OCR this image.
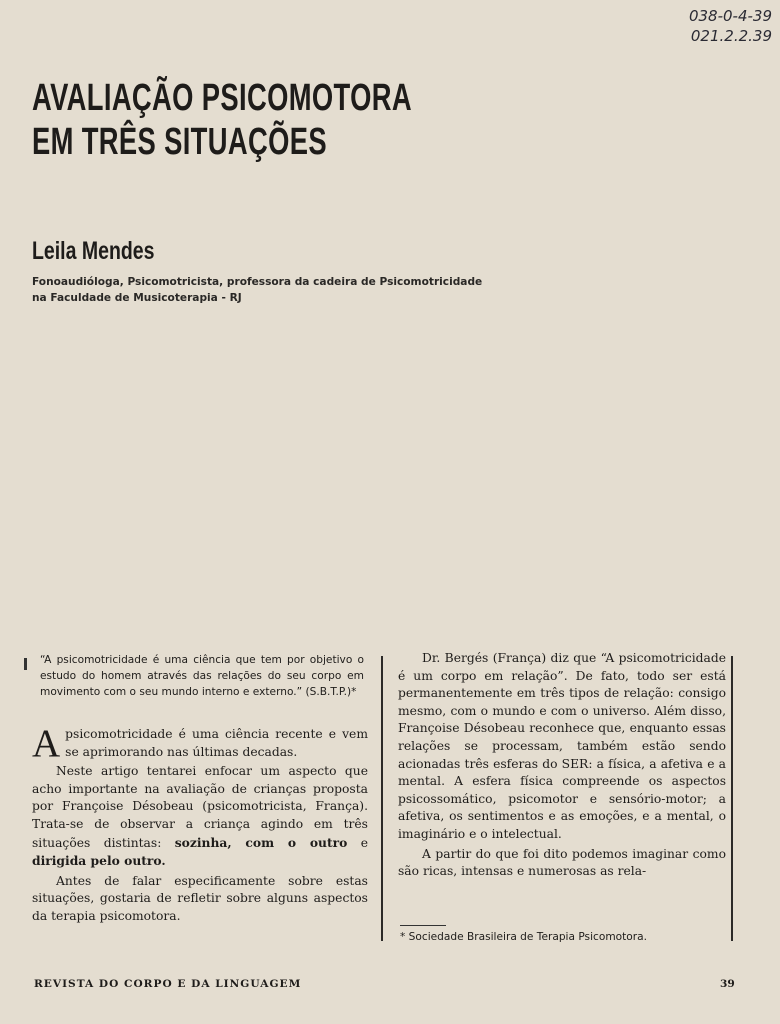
038-0-4-39
021.2.2.39
AVALIAÇÃO PSICOMOTORA
EM TRÊS SITUAÇÕES
Leila Mendes
Fonoaudióloga, Psicomotricista, professora da cadeira de Psicomotricidade
na Faculdade de Musicoterapia - RJ

“A psicomotricidade é uma ciência que tem por objetivo o estudo do homem através das relações do seu corpo em movimento com o seu mundo interno e externo.” (S.B.T.P.)*

A psicomotricidade é uma ciência recente e vem se aprimorando nas últimas decadas.

Neste artigo tentarei enfocar um aspecto que acho importante na avaliação de crianças proposta por Françoise Désobeau (psicomotricista, França). Trata-se de observar a criança agindo em três situações distintas: sozinha, com o outro e dirigida pelo outro.

Antes de falar especificamente sobre estas situações, gostaria de refletir sobre alguns aspectos da terapia psicomotora.

Dr. Bergés (França) diz que “A psicomotricidade é um corpo em relação”. De fato, todo ser está permanentemente em três tipos de relação: consigo mesmo, com o mundo e com o universo. Além disso, Françoise Désobeau reconhece que, enquanto essas relações se processam, também estão sendo acionadas três esferas do SER: a física, a afetiva e a mental. A esfera física compreende os aspectos psicossomático, psicomotor e sensório-motor; a afetiva, os sentimentos e as emoções, e a mental, o imaginário e o intelectual.

A partir do que foi dito podemos imaginar como são ricas, intensas e numerosas as rela-

* Sociedade Brasileira de Terapia Psicomotora.
REVISTA DO CORPO E DA LINGUAGEM	39
